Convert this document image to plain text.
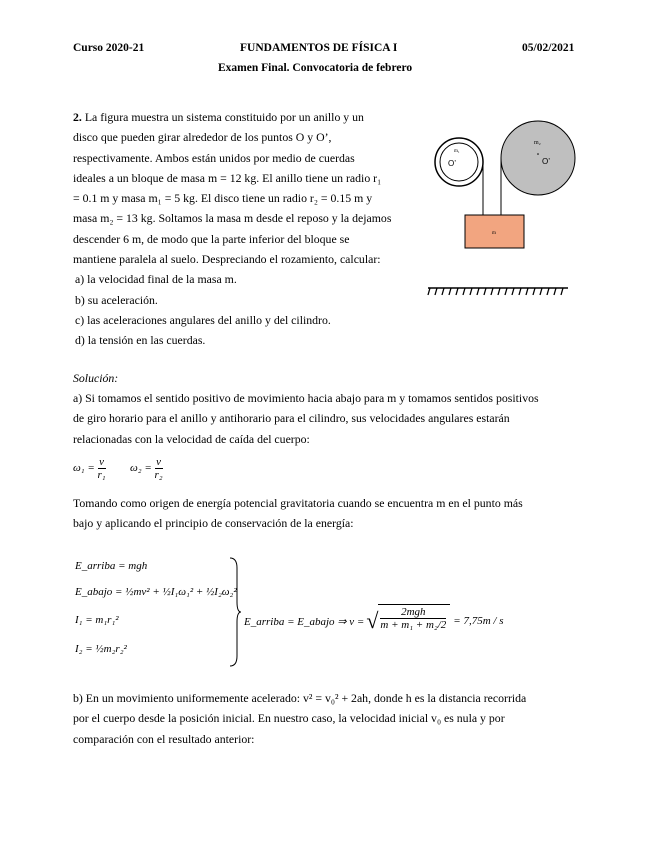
Curso 2020-21	FUNDAMENTOS DE FÍSICA I	05/02/2021
Examen Final. Convocatoria de febrero
2. La figura muestra un sistema constituido por un anillo y un
disco que pueden girar alrededor de los puntos O y O’,
respectivamente. Ambos están unidos por medio de cuerdas
ideales a un bloque de masa m = 12 kg. El anillo tiene un radio r₁
= 0.1 m y masa m₁ = 5 kg. El disco tiene un radio r₂ = 0.15 m y
masa m₂ = 13 kg. Soltamos la masa m desde el reposo y la dejamos
descender 6 m, de modo que la parte inferior del bloque se
mantiene paralela al suelo. Despreciando el rozamiento, calcular:
a) la velocidad final de la masa m.
b) su aceleración.
c) las aceleraciones angulares del anillo y del cilindro.
d) la tensión en las cuerdas.
m₁
O’
m₂
O’
m
Solución:
a) Si tomamos el sentido positivo de movimiento hacia abajo para m y tomamos sentidos positivos
de giro horario para el anillo y antihorario para el cilindro, sus velocidades angulares estarán
relacionadas con la velocidad de caída del cuerpo:
$\omega_1 = \frac{v}{\text{r₁}} \omega_2 = \frac{v}{\text{r₂}}$
Tomando como origen de energía potencial gravitatoria cuando se encuentra m en el punto más
bajo y aplicando el principio de conservación de la energía:
E_arriba = mgh
E_abajo = ½mv² + ½I₁ω₁² + ½I₂ω₂²
I₁ = m₁r₁²
I₂ = ½m₂r₂²
E_arriba = E_abajo ⇒ v = √ $\frac{\text{2mgh}}{\text{m + m₁ + m₂/2}} = 7,75m / s$
b) En un movimiento uniformemente acelerado: v² = v₀² + 2ah, donde h es la distancia recorrida
por el cuerpo desde la posición inicial. En nuestro caso, la velocidad inicial v₀ es nula y por
comparación con el resultado anterior:
